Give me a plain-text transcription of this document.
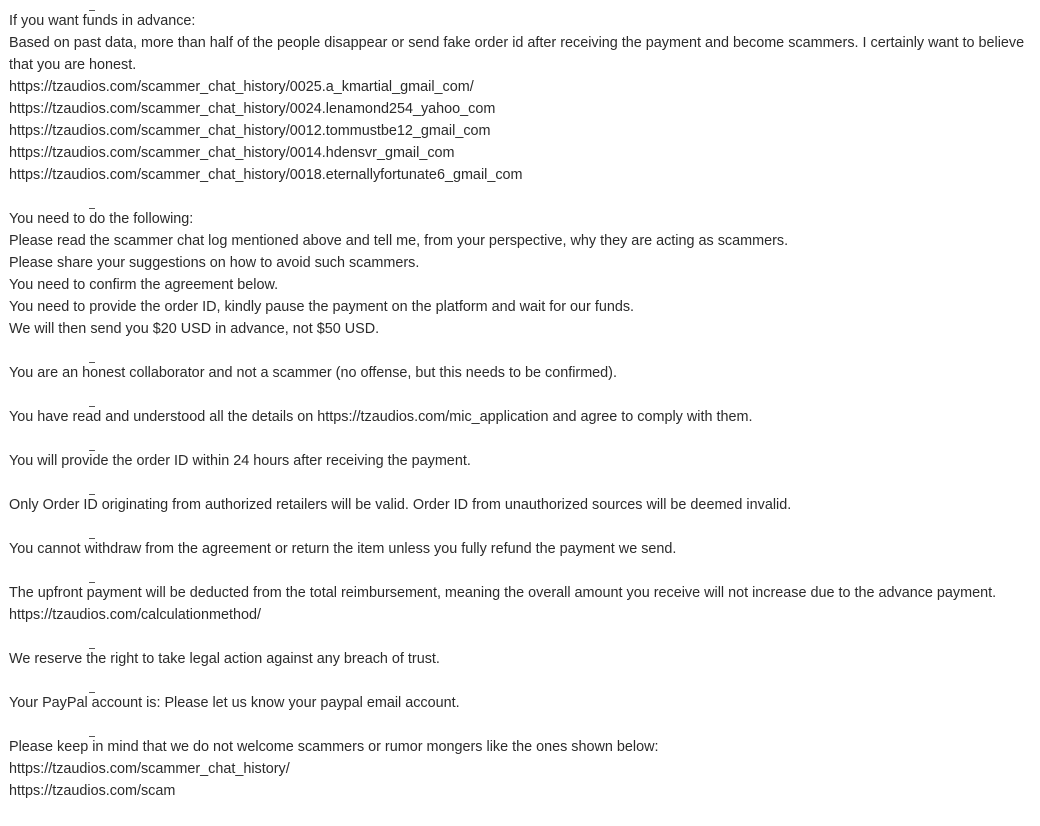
If you want funds in advance:
Based on past data, more than half of the people disappear or send fake order id after receiving the payment and become scammers. I certainly want to believe that you are honest.
https://tzaudios.com/scammer_chat_history/0025.a_kmartial_gmail_com/
https://tzaudios.com/scammer_chat_history/0024.lenamond254_yahoo_com
https://tzaudios.com/scammer_chat_history/0012.tommustbe12_gmail_com
https://tzaudios.com/scammer_chat_history/0014.hdensvr_gmail_com
https://tzaudios.com/scammer_chat_history/0018.eternallyfortunate6_gmail_com
You need to do the following:
Please read the scammer chat log mentioned above and tell me, from your perspective, why they are acting as scammers.
Please share your suggestions on how to avoid such scammers.
You need to confirm the agreement below.
You need to provide the order ID, kindly pause the payment on the platform and wait for our funds.
We will then send you $20 USD in advance, not $50 USD.
You are an honest collaborator and not a scammer (no offense, but this needs to be confirmed).
You have read and understood all the details on https://tzaudios.com/mic_application and agree to comply with them.
You will provide the order ID within 24 hours after receiving the payment.
Only Order ID originating from authorized retailers will be valid. Order ID from unauthorized sources will be deemed invalid.
You cannot withdraw from the agreement or return the item unless you fully refund the payment we send.
The upfront payment will be deducted from the total reimbursement, meaning the overall amount you receive will not increase due to the advance payment. https://tzaudios.com/calculationmethod/
We reserve the right to take legal action against any breach of trust.
Your PayPal account is: Please let us know your paypal email account.
Please keep in mind that we do not welcome scammers or rumor mongers like the ones shown below:
https://tzaudios.com/scammer_chat_history/
https://tzaudios.com/scam
